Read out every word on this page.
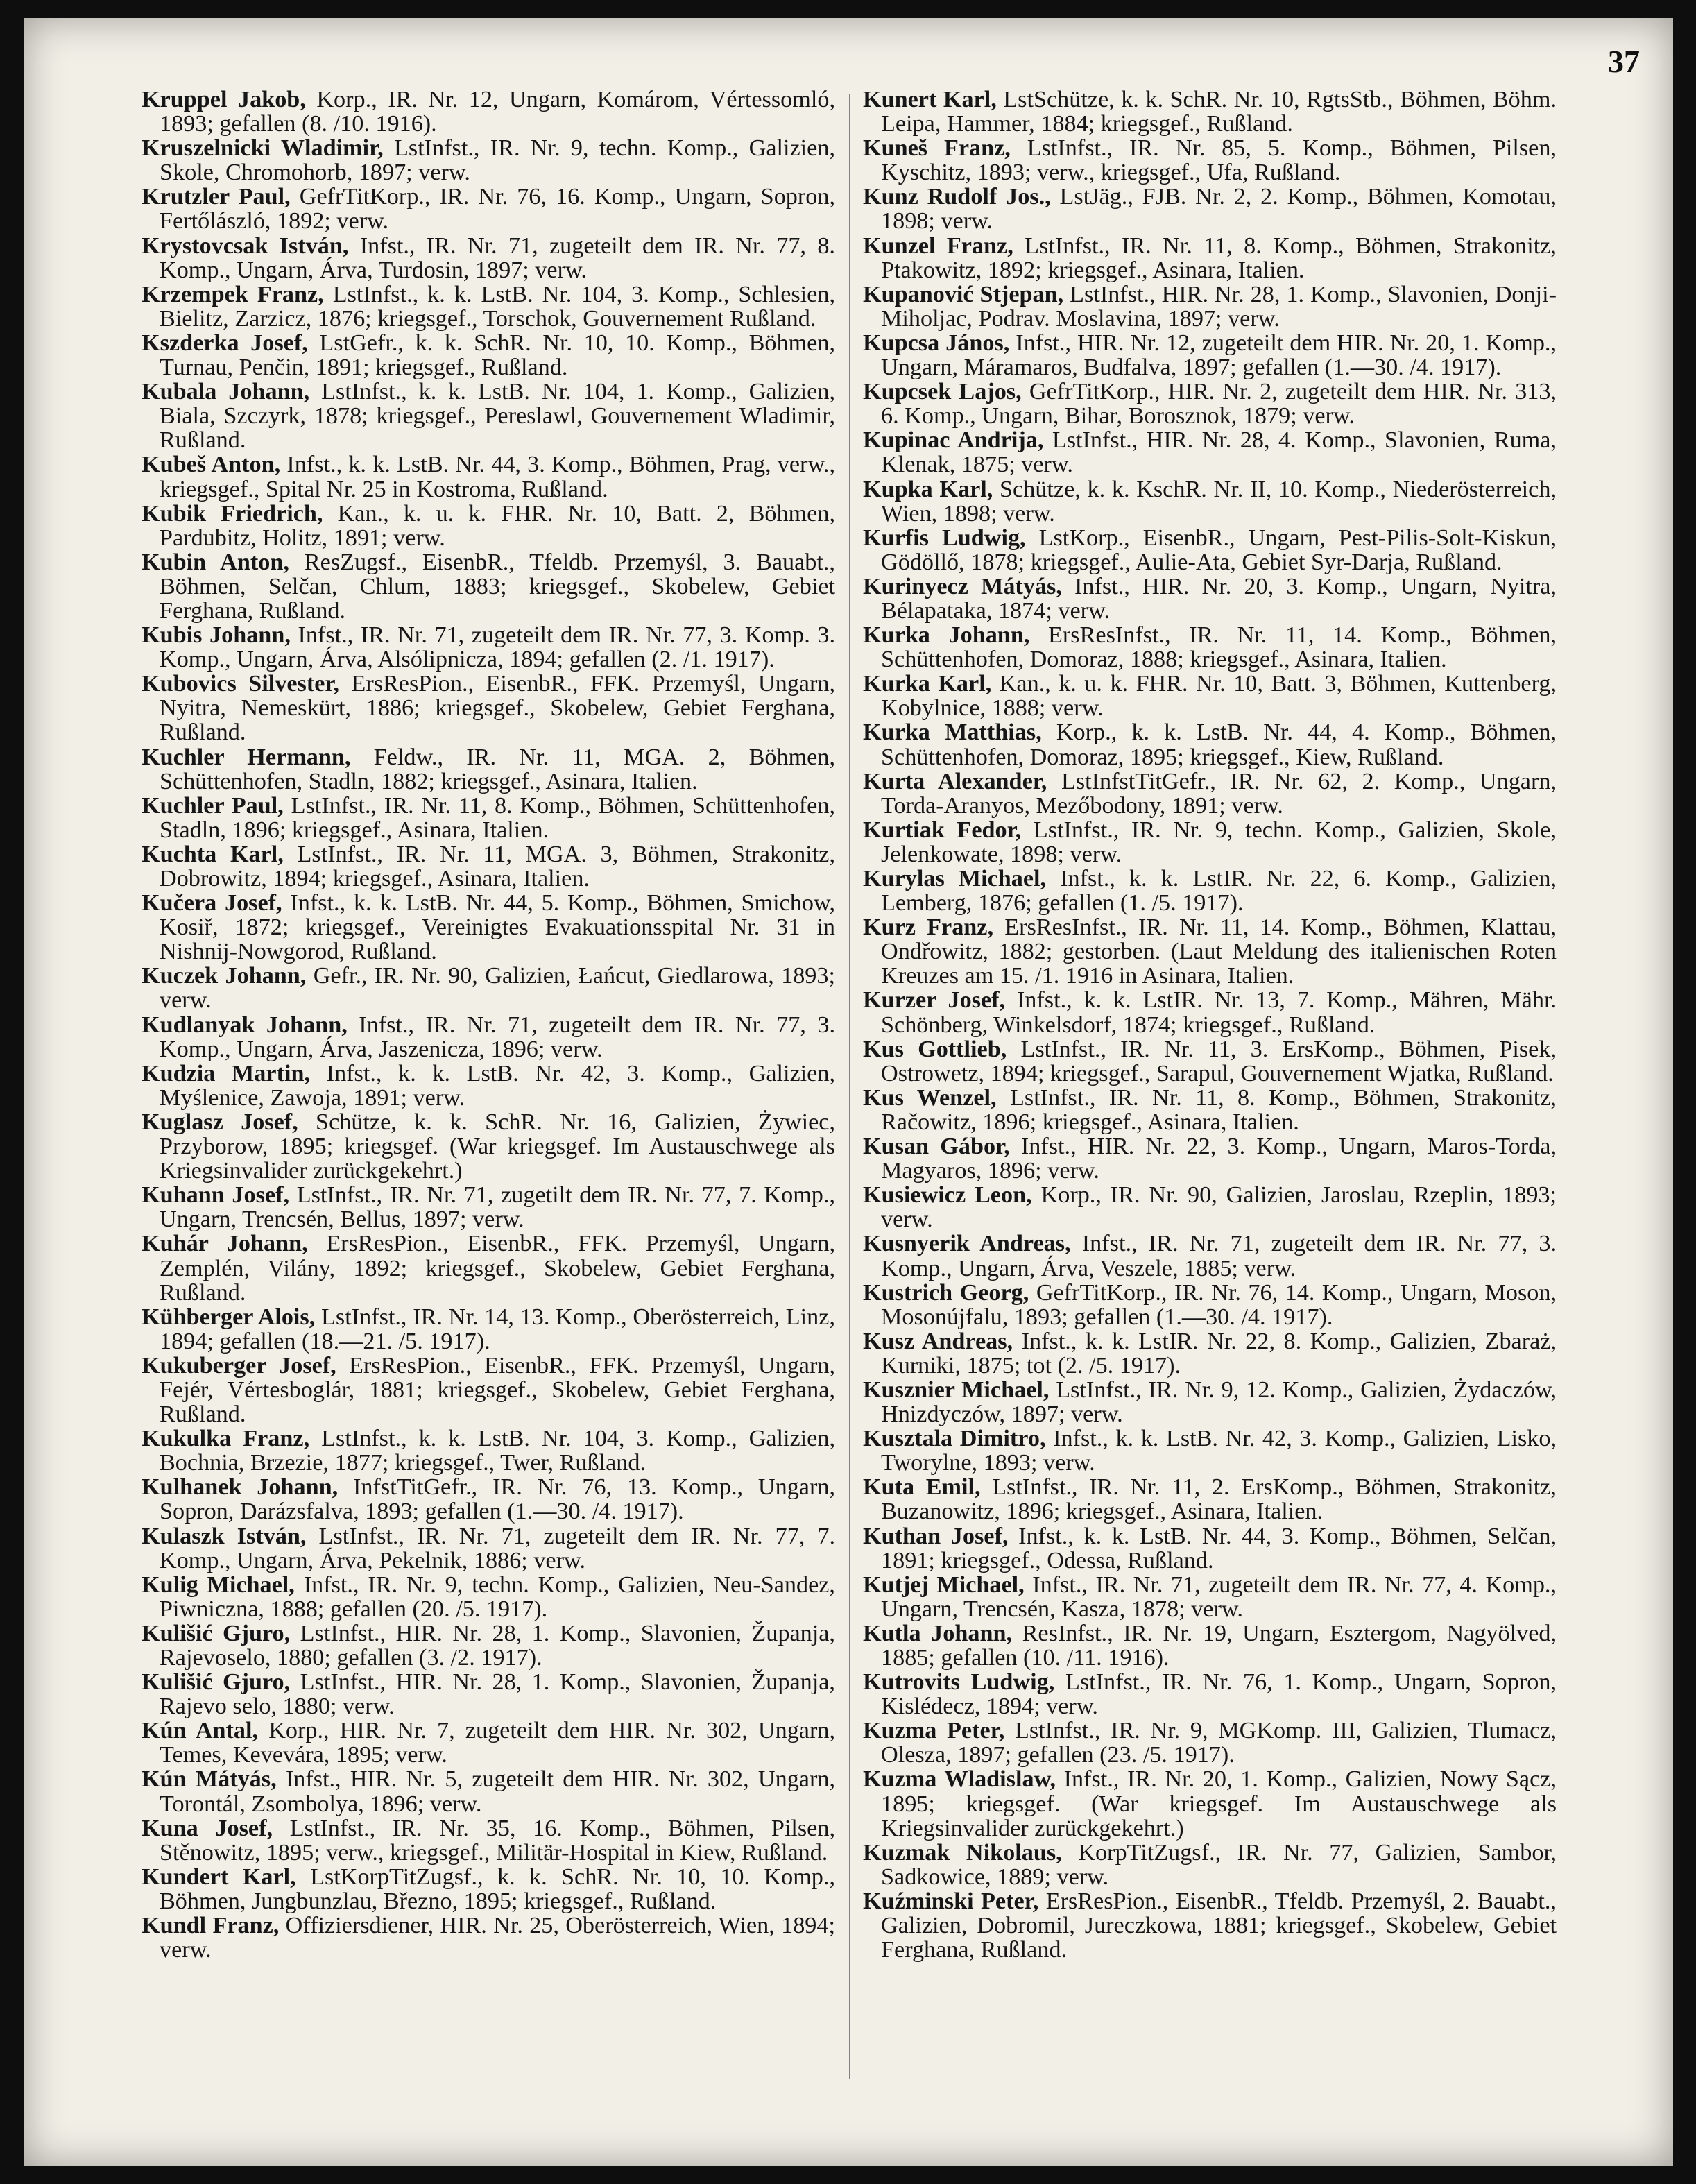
37

Kruppel Jakob, Korp., IR. Nr. 12, Ungarn, Komárom, Vértessomló, 1893; gefallen (8. /10. 1916).

Kruszelnicki Wladimir, LstInfst., IR. Nr. 9, techn. Komp., Galizien, Skole, Chromohorb, 1897; verw.

Krutzler Paul, GefrTitKorp., IR. Nr. 76, 16. Komp., Ungarn, Sopron, Fertőlászló, 1892; verw.

Krystovcsak István, Infst., IR. Nr. 71, zugeteilt dem IR. Nr. 77, 8. Komp., Ungarn, Árva, Turdosin, 1897; verw.

Krzempek Franz, LstInfst., k. k. LstB. Nr. 104, 3. Komp., Schlesien, Bielitz, Zarzicz, 1876; kriegsgef., Torschok, Gouvernement Rußland.

Kszderka Josef, LstGefr., k. k. SchR. Nr. 10, 10. Komp., Böhmen, Turnau, Penčin, 1891; kriegsgef., Rußland.

Kubala Johann, LstInfst., k. k. LstB. Nr. 104, 1. Komp., Galizien, Biala, Szczyrk, 1878; kriegsgef., Pereslawl, Gouvernement Wladimir, Rußland.

Kubeš Anton, Infst., k. k. LstB. Nr. 44, 3. Komp., Böhmen, Prag, verw., kriegsgef., Spital Nr. 25 in Kostroma, Rußland.

Kubik Friedrich, Kan., k. u. k. FHR. Nr. 10, Batt. 2, Böhmen, Pardubitz, Holitz, 1891; verw.

Kubin Anton, ResZugsf., EisenbR., Tfeldb. Przemyśl, 3. Bauabt., Böhmen, Selčan, Chlum, 1883; kriegsgef., Skobelew, Gebiet Ferghana, Rußland.

Kubis Johann, Infst., IR. Nr. 71, zugeteilt dem IR. Nr. 77, 3. Komp. 3. Komp., Ungarn, Árva, Alsólipnicza, 1894; gefallen (2. /1. 1917).

Kubovics Silvester, ErsResPion., EisenbR., FFK. Przemyśl, Ungarn, Nyitra, Nemeskürt, 1886; kriegsgef., Skobelew, Gebiet Ferghana, Rußland.

Kuchler Hermann, Feldw., IR. Nr. 11, MGA. 2, Böhmen, Schüttenhofen, Stadln, 1882; kriegsgef., Asinara, Italien.

Kuchler Paul, LstInfst., IR. Nr. 11, 8. Komp., Böhmen, Schüttenhofen, Stadln, 1896; kriegsgef., Asinara, Italien.

Kuchta Karl, LstInfst., IR. Nr. 11, MGA. 3, Böhmen, Strakonitz, Dobrowitz, 1894; kriegsgef., Asinara, Italien.

Kučera Josef, Infst., k. k. LstB. Nr. 44, 5. Komp., Böhmen, Smichow, Kosiř, 1872; kriegsgef., Vereinigtes Evakuationsspital Nr. 31 in Nishnij-Nowgorod, Rußland.

Kuczek Johann, Gefr., IR. Nr. 90, Galizien, Łańcut, Giedlarowa, 1893; verw.

Kudlanyak Johann, Infst., IR. Nr. 71, zugeteilt dem IR. Nr. 77, 3. Komp., Ungarn, Árva, Jaszenicza, 1896; verw.

Kudzia Martin, Infst., k. k. LstB. Nr. 42, 3. Komp., Galizien, Myślenice, Zawoja, 1891; verw.

Kuglasz Josef, Schütze, k. k. SchR. Nr. 16, Galizien, Żywiec, Przyborow, 1895; kriegsgef. (War kriegsgef. Im Austauschwege als Kriegsinvalider zurückgekehrt.)

Kuhann Josef, LstInfst., IR. Nr. 71, zugetilt dem IR. Nr. 77, 7. Komp., Ungarn, Trencsén, Bellus, 1897; verw.

Kuhár Johann, ErsResPion., EisenbR., FFK. Przemyśl, Ungarn, Zemplén, Vilány, 1892; kriegsgef., Skobelew, Gebiet Ferghana, Rußland.

Kühberger Alois, LstInfst., IR. Nr. 14, 13. Komp., Oberösterreich, Linz, 1894; gefallen (18.—21. /5. 1917).

Kukuberger Josef, ErsResPion., EisenbR., FFK. Przemyśl, Ungarn, Fejér, Vértesboglár, 1881; kriegsgef., Skobelew, Gebiet Ferghana, Rußland.

Kukulka Franz, LstInfst., k. k. LstB. Nr. 104, 3. Komp., Galizien, Bochnia, Brzezie, 1877; kriegsgef., Twer, Rußland.

Kulhanek Johann, InfstTitGefr., IR. Nr. 76, 13. Komp., Ungarn, Sopron, Darázsfalva, 1893; gefallen (1.—30. /4. 1917).

Kulaszk István, LstInfst., IR. Nr. 71, zugeteilt dem IR. Nr. 77, 7. Komp., Ungarn, Árva, Pekelnik, 1886; verw.

Kulig Michael, Infst., IR. Nr. 9, techn. Komp., Galizien, Neu-Sandez, Piwniczna, 1888; gefallen (20. /5. 1917).

Kulišić Gjuro, LstInfst., HIR. Nr. 28, 1. Komp., Slavonien, Županja, Rajevoselo, 1880; gefallen (3. /2. 1917).

Kulišić Gjuro, LstInfst., HIR. Nr. 28, 1. Komp., Slavonien, Županja, Rajevo selo, 1880; verw.

Kún Antal, Korp., HIR. Nr. 7, zugeteilt dem HIR. Nr. 302, Ungarn, Temes, Kevevára, 1895; verw.

Kún Mátyás, Infst., HIR. Nr. 5, zugeteilt dem HIR. Nr. 302, Ungarn, Torontál, Zsombolya, 1896; verw.

Kuna Josef, LstInfst., IR. Nr. 35, 16. Komp., Böhmen, Pilsen, Stěnowitz, 1895; verw., kriegsgef., Militär-Hospital in Kiew, Rußland.

Kundert Karl, LstKorpTitZugsf., k. k. SchR. Nr. 10, 10. Komp., Böhmen, Jungbunzlau, Březno, 1895; kriegsgef., Rußland.

Kundl Franz, Offiziersdiener, HIR. Nr. 25, Oberösterreich, Wien, 1894; verw.

Kunert Karl, LstSchütze, k. k. SchR. Nr. 10, RgtsStb., Böhmen, Böhm. Leipa, Hammer, 1884; kriegsgef., Rußland.

Kuneš Franz, LstInfst., IR. Nr. 85, 5. Komp., Böhmen, Pilsen, Kyschitz, 1893; verw., kriegsgef., Ufa, Rußland.

Kunz Rudolf Jos., LstJäg., FJB. Nr. 2, 2. Komp., Böhmen, Komotau, 1898; verw.

Kunzel Franz, LstInfst., IR. Nr. 11, 8. Komp., Böhmen, Strakonitz, Ptakowitz, 1892; kriegsgef., Asinara, Italien.

Kupanović Stjepan, LstInfst., HIR. Nr. 28, 1. Komp., Slavonien, Donji-Miholjac, Podrav. Moslavina, 1897; verw.

Kupcsa János, Infst., HIR. Nr. 12, zugeteilt dem HIR. Nr. 20, 1. Komp., Ungarn, Máramaros, Budfalva, 1897; gefallen (1.—30. /4. 1917).

Kupcsek Lajos, GefrTitKorp., HIR. Nr. 2, zugeteilt dem HIR. Nr. 313, 6. Komp., Ungarn, Bihar, Borosznok, 1879; verw.

Kupinac Andrija, LstInfst., HIR. Nr. 28, 4. Komp., Slavonien, Ruma, Klenak, 1875; verw.

Kupka Karl, Schütze, k. k. KschR. Nr. II, 10. Komp., Niederösterreich, Wien, 1898; verw.

Kurfis Ludwig, LstKorp., EisenbR., Ungarn, Pest-Pilis-Solt-Kiskun, Gödöllő, 1878; kriegsgef., Aulie-Ata, Gebiet Syr-Darja, Rußland.

Kurinyecz Mátyás, Infst., HIR. Nr. 20, 3. Komp., Ungarn, Nyitra, Bélapataka, 1874; verw.

Kurka Johann, ErsResInfst., IR. Nr. 11, 14. Komp., Böhmen, Schüttenhofen, Domoraz, 1888; kriegsgef., Asinara, Italien.

Kurka Karl, Kan., k. u. k. FHR. Nr. 10, Batt. 3, Böhmen, Kuttenberg, Kobylnice, 1888; verw.

Kurka Matthias, Korp., k. k. LstB. Nr. 44, 4. Komp., Böhmen, Schüttenhofen, Domoraz, 1895; kriegsgef., Kiew, Rußland.

Kurta Alexander, LstInfstTitGefr., IR. Nr. 62, 2. Komp., Ungarn, Torda-Aranyos, Mezőbodony, 1891; verw.

Kurtiak Fedor, LstInfst., IR. Nr. 9, techn. Komp., Galizien, Skole, Jelenkowate, 1898; verw.

Kurylas Michael, Infst., k. k. LstIR. Nr. 22, 6. Komp., Galizien, Lemberg, 1876; gefallen (1. /5. 1917).

Kurz Franz, ErsResInfst., IR. Nr. 11, 14. Komp., Böhmen, Klattau, Ondřowitz, 1882; gestorben. (Laut Meldung des italienischen Roten Kreuzes am 15. /1. 1916 in Asinara, Italien.

Kurzer Josef, Infst., k. k. LstIR. Nr. 13, 7. Komp., Mähren, Mähr. Schönberg, Winkelsdorf, 1874; kriegsgef., Rußland.

Kus Gottlieb, LstInfst., IR. Nr. 11, 3. ErsKomp., Böhmen, Pisek, Ostrowetz, 1894; kriegsgef., Sarapul, Gouvernement Wjatka, Rußland.

Kus Wenzel, LstInfst., IR. Nr. 11, 8. Komp., Böhmen, Strakonitz, Račowitz, 1896; kriegsgef., Asinara, Italien.

Kusan Gábor, Infst., HIR. Nr. 22, 3. Komp., Ungarn, Maros-Torda, Magyaros, 1896; verw.

Kusiewicz Leon, Korp., IR. Nr. 90, Galizien, Jaroslau, Rzeplin, 1893; verw.

Kusnyerik Andreas, Infst., IR. Nr. 71, zugeteilt dem IR. Nr. 77, 3. Komp., Ungarn, Árva, Veszele, 1885; verw.

Kustrich Georg, GefrTitKorp., IR. Nr. 76, 14. Komp., Ungarn, Moson, Mosonújfalu, 1893; gefallen (1.—30. /4. 1917).

Kusz Andreas, Infst., k. k. LstIR. Nr. 22, 8. Komp., Galizien, Zbaraż, Kurniki, 1875; tot (2. /5. 1917).

Kusznier Michael, LstInfst., IR. Nr. 9, 12. Komp., Galizien, Żydaczów, Hnizdyczów, 1897; verw.

Kusztala Dimitro, Infst., k. k. LstB. Nr. 42, 3. Komp., Galizien, Lisko, Tworylne, 1893; verw.

Kuta Emil, LstInfst., IR. Nr. 11, 2. ErsKomp., Böhmen, Strakonitz, Buzanowitz, 1896; kriegsgef., Asinara, Italien.

Kuthan Josef, Infst., k. k. LstB. Nr. 44, 3. Komp., Böhmen, Selčan, 1891; kriegsgef., Odessa, Rußland.

Kutjej Michael, Infst., IR. Nr. 71, zugeteilt dem IR. Nr. 77, 4. Komp., Ungarn, Trencsén, Kasza, 1878; verw.

Kutla Johann, ResInfst., IR. Nr. 19, Ungarn, Esztergom, Nagyölved, 1885; gefallen (10. /11. 1916).

Kutrovits Ludwig, LstInfst., IR. Nr. 76, 1. Komp., Ungarn, Sopron, Kislédecz, 1894; verw.

Kuzma Peter, LstInfst., IR. Nr. 9, MGKomp. III, Galizien, Tlumacz, Olesza, 1897; gefallen (23. /5. 1917).

Kuzma Wladislaw, Infst., IR. Nr. 20, 1. Komp., Galizien, Nowy Sącz, 1895; kriegsgef. (War kriegsgef. Im Austauschwege als Kriegsinvalider zurückgekehrt.)

Kuzmak Nikolaus, KorpTitZugsf., IR. Nr. 77, Galizien, Sambor, Sadkowice, 1889; verw.

Kuźminski Peter, ErsResPion., EisenbR., Tfeldb. Przemyśl, 2. Bauabt., Galizien, Dobromil, Jureczkowa, 1881; kriegsgef., Skobelew, Gebiet Ferghana, Rußland.
